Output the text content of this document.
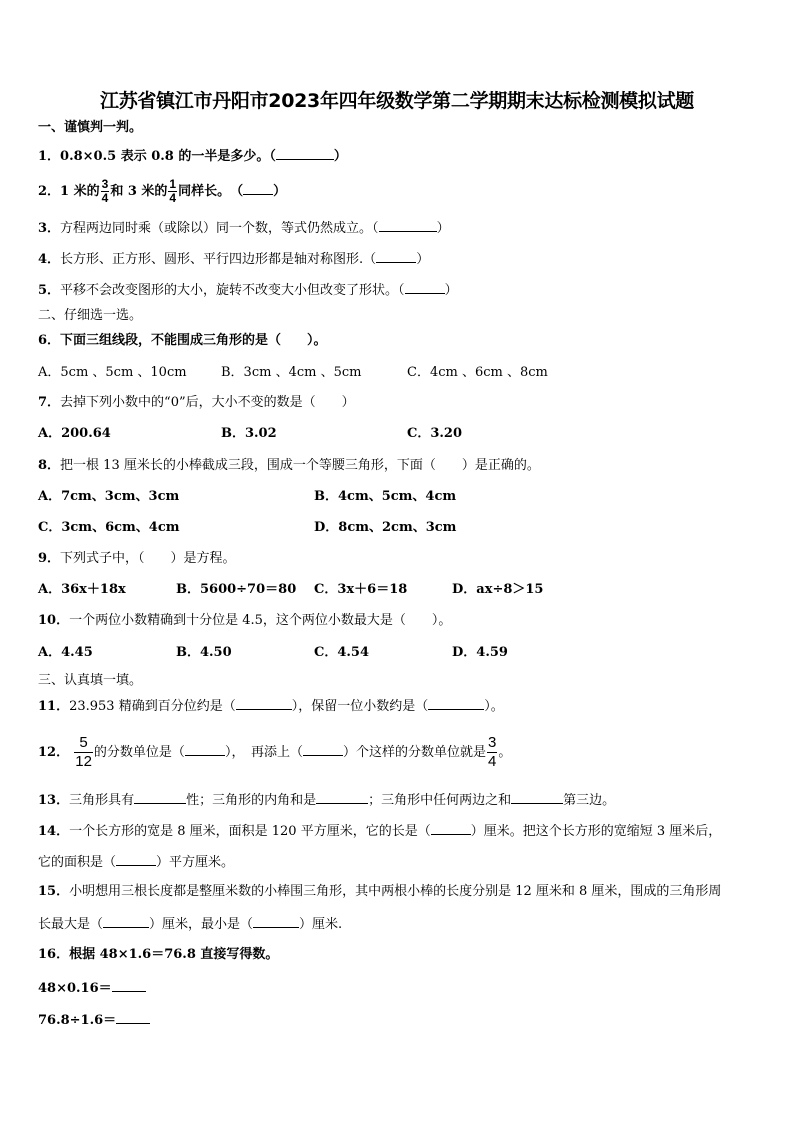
江苏省镇江市丹阳市2023年四年级数学第二学期期末达标检测模拟试题
一、谨慎判一判。
1．0.8×0.5 表示 0.8 的一半是多少。（	）
2．1 米的 $\frac{3}{4}$ 和 3 米的 $\frac{1}{4}$ 同样长。　（ ）
3．方程两边同时乘（或除以）同一个数，等式仍然成立。（	）
4．长方形、正方形、圆形、平行四边形都是轴对称图形.（	）
5．平移不会改变图形的大小，旋转不改变大小但改变了形状。（	）
二、仔细选一选。
6．下面三组线段，不能围成三角形的是（　　）。
A．5cm 、5cm 、10cm	B．3cm 、4cm 、5cm	C．4cm 、6cm 、8cm
7．去掉下列小数中的“0”后，大小不变的数是（　　）
A．200.64	B．3.02	C．3.20
8．把一根 13 厘米长的小棒截成三段，围成一个等腰三角形，下面（　　）是正确的。
A．7cm、3cm、3cm	B．4cm、5cm、4cm
C．3cm、6cm、4cm	D．8cm、2cm、3cm
9．下列式子中，（　　）是方程。
A．36x＋18x	B．5600÷70＝80 C．3x＋6＝18	D．ax÷8＞15
10．一个两位小数精确到十分位是 4.5，这个两位小数最大是（　　）。
A．4.45	B．4.50	C．4.54	D．4.59
三、认真填一填。
11．23.953 精确到百分位约是（	），保留一位小数约是（	）。
12． $\frac{5}{12}$ 的分数单位是（	），　再添上（	）个这样的分数单位就是 $\frac{3}{4}$ 。
13．三角形具有	性；三角形的内角和是	；三角形中任何两边之和	第三边。
14．一个长方形的宽是 8 厘米，面积是 120 平方厘米，它的长是（	）厘米。把这个长方形的宽缩短 3 厘米后，
它的面积是（	）平方厘米。
15．小明想用三根长度都是整厘米数的小棒围三角形，其中两根小棒的长度分别是 12 厘米和 8 厘米，围成的三角形周
长最大是（	）厘米，最小是（	）厘米.
16．根据 48×1.6＝76.8 直接写得数。
48×0.16＝
76.8÷1.6＝
